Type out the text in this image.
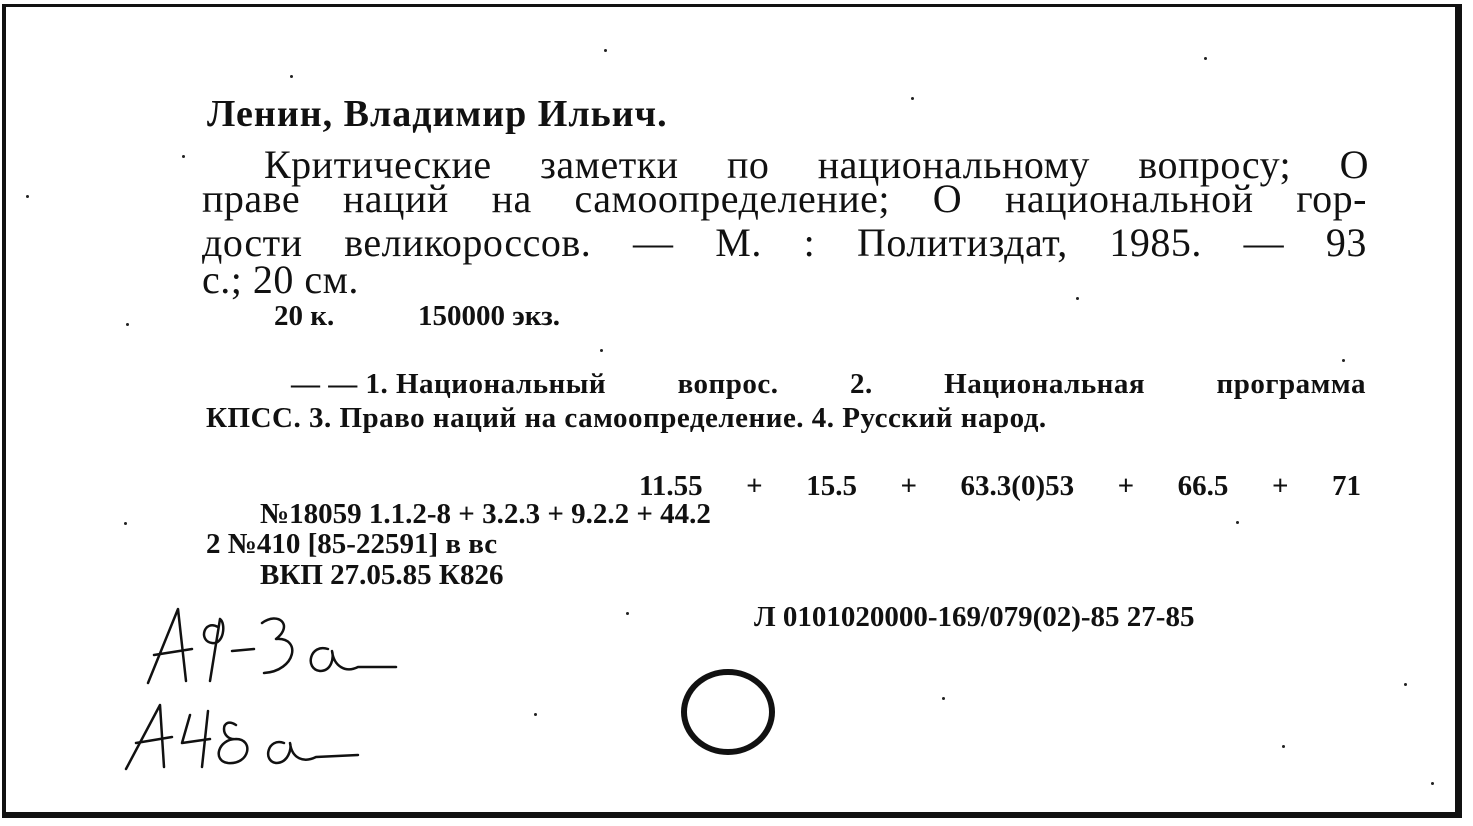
Ленин, Владимир Ильич.
Критические заметки по национальному вопросу; О
праве наций на самоопределение; О национальной гор-
дости великороссов. — М. : Политиздат, 1985. — 93
с.; 20 см.
20 к.	150000 экз.
— — 1. Национальный вопрос. 2. Национальная программа
КПСС. 3. Право наций на самоопределение. 4. Русский народ.
11.55 + 15.5 + 63.3(0)53 + 66.5 + 71
№18059 1.1.2-8 + 3.2.3 + 9.2.2 + 44.2
2 №410 [85-22591] в вс
ВКП 27.05.85 К826
Л 0101020000-169/079(02)-85 27-85
